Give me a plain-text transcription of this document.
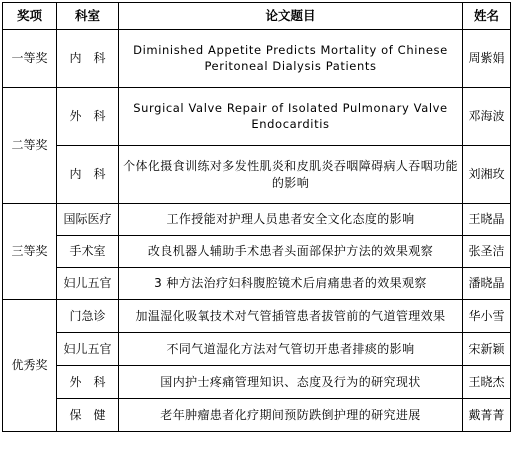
奖项	科室	论文题目	姓名
一等奖	内　科	Diminished Appetite Predicts Mortality of Chinese Peritoneal Dialysis Patients	周紫娟
二等奖	外　科	Surgical Valve Repair of Isolated Pulmonary Valve Endocarditis	邓海波
	内　科	个体化摄食训练对多发性肌炎和皮肌炎吞咽障碍病人吞咽功能的影响	刘湘玫
三等奖	国际医疗	工作授能对护理人员患者安全文化态度的影响	王晓晶
	手术室	改良机器人辅助手术患者头面部保护方法的效果观察	张圣洁
	妇儿五官	3 种方法治疗妇科腹腔镜术后肩痛患者的效果观察	潘晓晶
优秀奖	门急诊	加温湿化吸氧技术对气管插管患者拔管前的气道管理效果	华小雪
	妇儿五官	不同气道湿化方法对气管切开患者排痰的影响	宋新颖
	外　科	国内护士疼痛管理知识、态度及行为的研究现状	王晓杰
	保　健	老年肿瘤患者化疗期间预防跌倒护理的研究进展	戴菁菁
